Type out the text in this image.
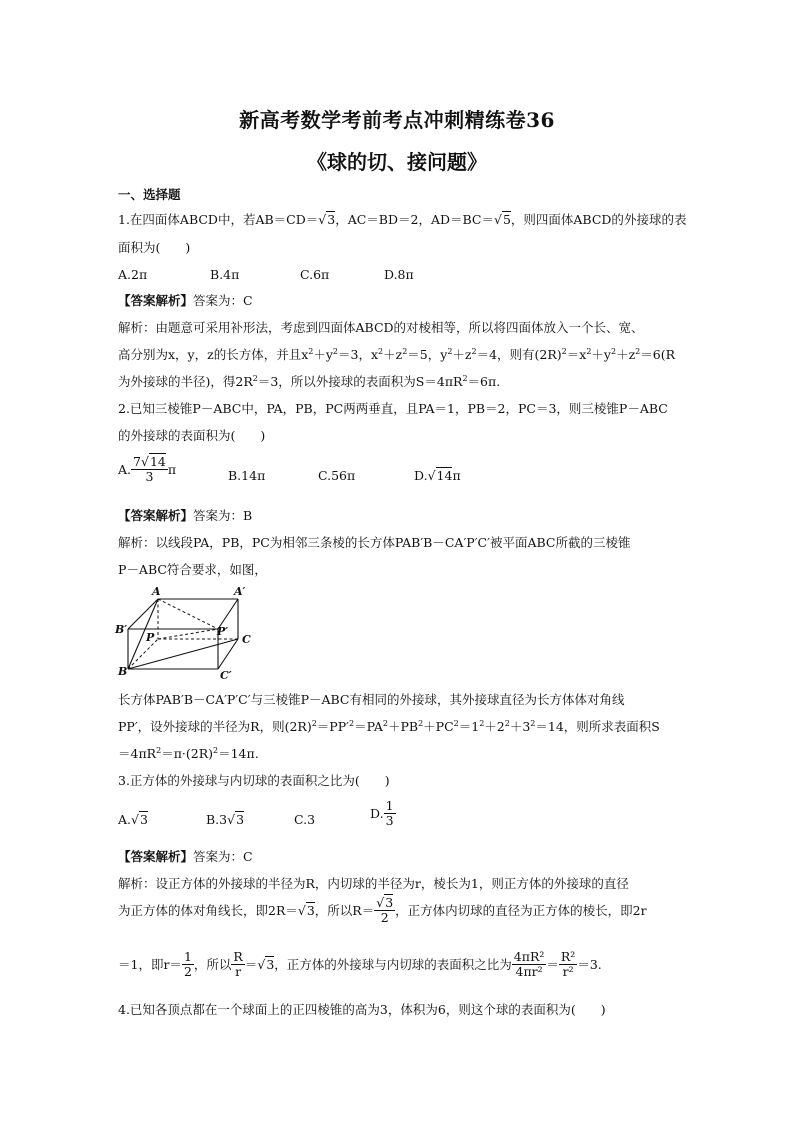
新高考数学考前考点冲刺精练卷36
《球的切、接问题》
一、选择题
1.在四面体ABCD中，若AB＝CD＝ √ 3，AC＝BD＝2，AD＝BC＝ √ 5，则四面体ABCD的外接球的表
面积为(　　)
A.2π	B.4π	C.6π	D.8π
【答案解析】答案为：C
解析：由题意可采用补形法，考虑到四面体ABCD的对棱相等，所以将四面体放入一个长、宽、
高分别为x，y，z的长方体，并且$x^2+y^2=3$，$x^2+z^2=5$，$y^2+z^2=4$，则有$(2R)^2=x^2+y^2+z^2=6(R$
为外接球的半径)，得$2R^2=3$，所以外接球的表面积为$S=4\pi R^2=6\pi$.
2.已知三棱锥P－ABC中，PA，PB，PC两两垂直，且PA＝1，PB＝2，PC＝3，则三棱锥P－ABC
的外接球的表面积为(　　)
A. $\frac{7 √ 14}{3}$ π	B.14π	C.56π	D. √ 14π
【答案解析】答案为：B
解析：以线段PA，PB，PC为相邻三条棱的长方体PAB′B－CA′P′C′被平面ABC所截的三棱锥
P－ABC符合要求，如图，
A	A′
B′
P	P′
C
B	C′
长方体PAB′B－CA′P′C′与三棱锥P－ABC有相同的外接球，其外接球直径为长方体体对角线
PP′，设外接球的半径为R，则$(2R)^2=PP'^2=PA^2+PB^2+PC^2=1^2+2^2+3^2=14$，则所求表面积S
$=4\pi R^2=\pi\cdot(2R)^2=14\pi$.
3.正方体的外接球与内切球的表面积之比为(　　)
A. √ 3	B.3 √ 3	C.3	D. $\frac{1}{3}$
【答案解析】答案为：C
解析：设正方体的外接球的半径为R，内切球的半径为r，棱长为1，则正方体的外接球的直径
为正方体的体对角线长，即2R＝ √ 3，所以R＝ √ $\frac{3}{2}$ ，正方体内切球的直径为正方体的棱长，即2r
＝1，即$r= \frac{1}{2}$ ，所以 $\frac{R}{r}$ ＝ √ 3，正方体的外接球与内切球的表面积之比为 $\frac{\text{4πR²}}{\text{4πr²}} = \frac{\text{R²}}{\text{r²}} =3$.
4.已知各顶点都在一个球面上的正四棱锥的高为3，体积为6，则这个球的表面积为(　　)
